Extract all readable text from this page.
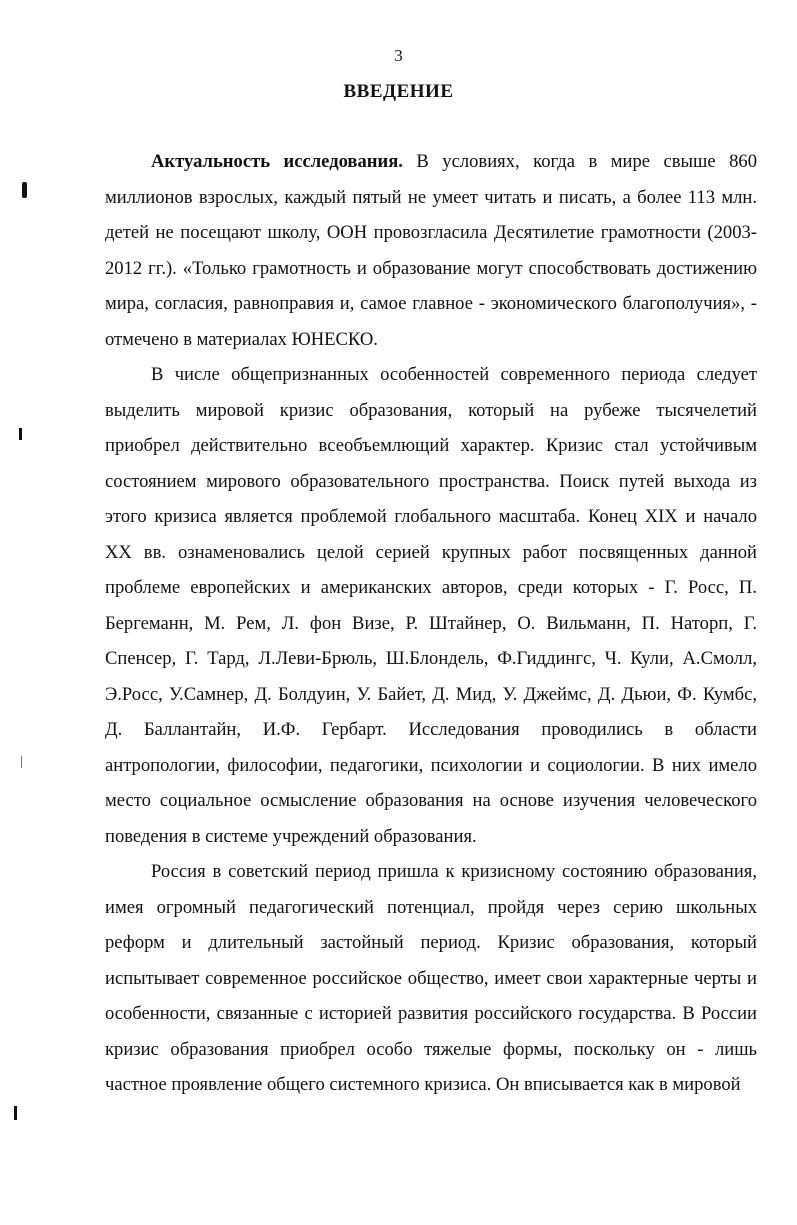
3
ВВЕДЕНИЕ

Актуальность исследования. В условиях, когда в мире свыше 860 миллионов взрослых, каждый пятый не умеет читать и писать, а более 113 млн. детей не посещают школу, ООН провозгласила Десятилетие грамотности (2003-2012 гг.). «Только грамотность и образование могут способствовать достижению мира, согласия, равноправия и, самое главное - экономического благополучия», - отмечено в материалах ЮНЕСКО.

В числе общепризнанных особенностей современного периода следует выделить мировой кризис образования, который на рубеже тысячелетий приобрел действительно всеобъемлющий характер. Кризис стал устойчивым состоянием мирового образовательного пространства. Поиск путей выхода из этого кризиса является проблемой глобального масштаба. Конец XIX и начало XX вв. ознаменовались целой серией крупных работ посвященных данной проблеме европейских и американских авторов, среди которых - Г. Росс, П. Бергеманн, М. Рем, Л. фон Визе, Р. Штайнер, О. Вильманн, П. Наторп, Г. Спенсер, Г. Тард, Л.Леви-Брюль, Ш.Блондель, Ф.Гиддингс, Ч. Кули, А.Смолл, Э.Росс, У.Самнер, Д. Болдуин, У. Байет, Д. Мид, У. Джеймс, Д. Дьюи, Ф. Кумбс, Д. Баллантайн, И.Ф. Гербарт. Исследования проводились в области антропологии, философии, педагогики, психологии и социологии. В них имело место социальное осмысление образования на основе изучения человеческого поведения в системе учреждений образования.

Россия в советский период пришла к кризисному состоянию образования, имея огромный педагогический потенциал, пройдя через серию школьных реформ и длительный застойный период. Кризис образования, который испытывает современное российское общество, имеет свои характерные черты и особенности, связанные с историей развития российского государства. В России кризис образования приобрел особо тяжелые формы, поскольку он - лишь частное проявление общего системного кризиса. Он вписывается как в мировой
